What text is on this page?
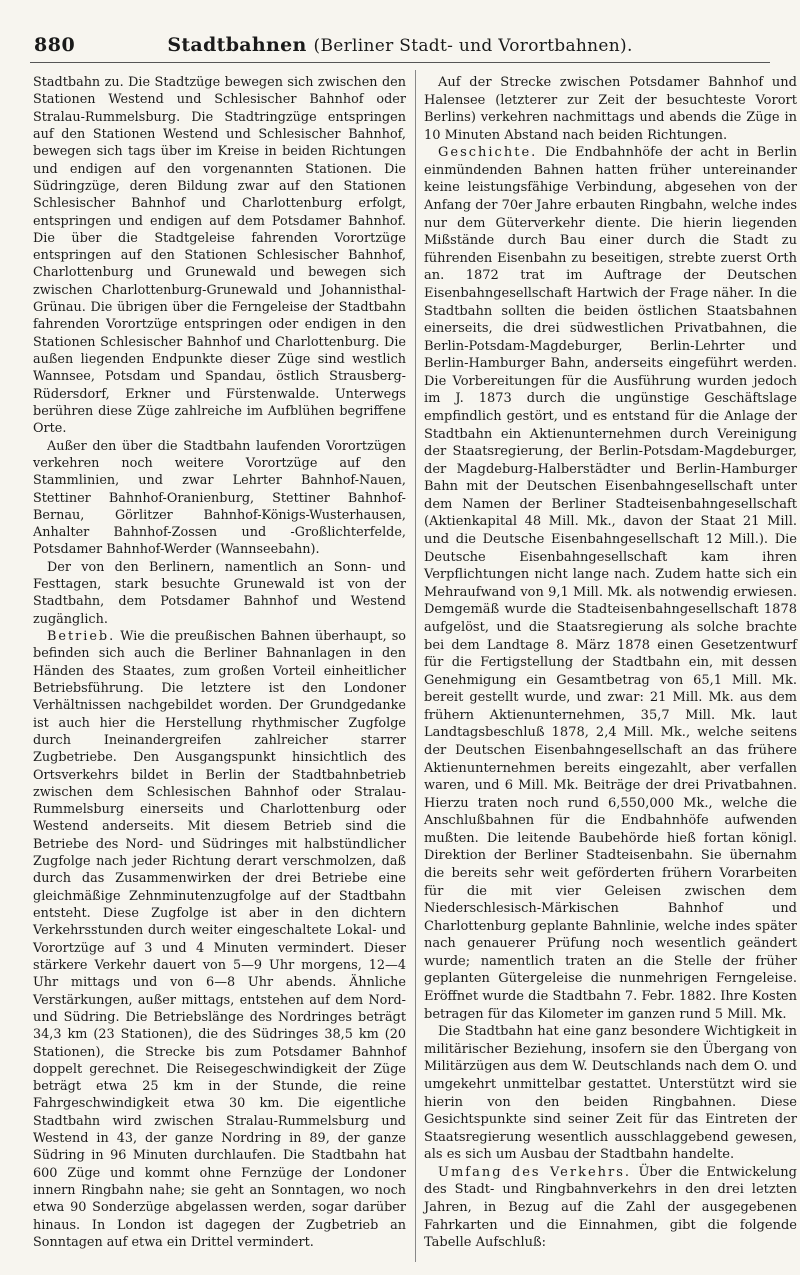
880	Stadtbahnen (Berliner Stadt- und Vorortbahnen).

Stadtbahn zu. Die Stadtzüge bewegen sich zwischen den Stationen Westend und Schlesischer Bahnhof oder Stralau-Rummelsburg. Die Stadtringzüge entspringen auf den Stationen Westend und Schlesischer Bahnhof, bewegen sich tags über im Kreise in beiden Richtungen und endigen auf den vorgenannten Stationen. Die Südringzüge, deren Bildung zwar auf den Stationen Schlesischer Bahnhof und Charlottenburg erfolgt, entspringen und endigen auf dem Potsdamer Bahnhof. Die über die Stadtgeleise fahrenden Vorortzüge entspringen auf den Stationen Schlesischer Bahnhof, Charlottenburg und Grunewald und bewegen sich zwischen Charlottenburg-Grunewald und Johannisthal-Grünau. Die übrigen über die Ferngeleise der Stadtbahn fahrenden Vorortzüge entspringen oder endigen in den Stationen Schlesischer Bahnhof und Charlottenburg. Die außen liegenden Endpunkte dieser Züge sind westlich Wannsee, Potsdam und Spandau, östlich Strausberg-Rüdersdorf, Erkner und Fürstenwalde. Unterwegs berühren diese Züge zahlreiche im Aufblühen begriffene Orte.

Außer den über die Stadtbahn laufenden Vorortzügen verkehren noch weitere Vorortzüge auf den Stammlinien, und zwar Lehrter Bahnhof-Nauen, Stettiner Bahnhof-Oranienburg, Stettiner Bahnhof-Bernau, Görlitzer Bahnhof-Königs-Wusterhausen, Anhalter Bahnhof-Zossen und -Großlichterfelde, Potsdamer Bahnhof-Werder (Wannseebahn).

Der von den Berlinern, namentlich an Sonn- und Festtagen, stark besuchte Grunewald ist von der Stadtbahn, dem Potsdamer Bahnhof und Westend zugänglich.

Betrieb. Wie die preußischen Bahnen überhaupt, so befinden sich auch die Berliner Bahnanlagen in den Händen des Staates, zum großen Vorteil einheitlicher Betriebsführung. Die letztere ist den Londoner Verhältnissen nachgebildet worden. Der Grundgedanke ist auch hier die Herstellung rhythmischer Zugfolge durch Ineinandergreifen zahlreicher starrer Zugbetriebe. Den Ausgangspunkt hinsichtlich des Ortsverkehrs bildet in Berlin der Stadtbahnbetrieb zwischen dem Schlesischen Bahnhof oder Stralau-Rummelsburg einerseits und Charlottenburg oder Westend anderseits. Mit diesem Betrieb sind die Betriebe des Nord- und Südringes mit halbstündlicher Zugfolge nach jeder Richtung derart verschmolzen, daß durch das Zusammenwirken der drei Betriebe eine gleichmäßige Zehnminutenzugfolge auf der Stadtbahn entsteht. Diese Zugfolge ist aber in den dichtern Verkehrsstunden durch weiter eingeschaltete Lokal- und Vorortzüge auf 3 und 4 Minuten vermindert. Dieser stärkere Verkehr dauert von 5—9 Uhr morgens, 12—4 Uhr mittags und von 6—8 Uhr abends. Ähnliche Verstärkungen, außer mittags, entstehen auf dem Nord- und Südring. Die Betriebslänge des Nordringes beträgt 34,3 km (23 Stationen), die des Südringes 38,5 km (20 Stationen), die Strecke bis zum Potsdamer Bahnhof doppelt gerechnet. Die Reisegeschwindigkeit der Züge beträgt etwa 25 km in der Stunde, die reine Fahrgeschwindigkeit etwa 30 km. Die eigentliche Stadtbahn wird zwischen Stralau-Rummelsburg und Westend in 43, der ganze Nordring in 89, der ganze Südring in 96 Minuten durchlaufen. Die Stadtbahn hat 600 Züge und kommt ohne Fernzüge der Londoner innern Ringbahn nahe; sie geht an Sonntagen, wo noch etwa 90 Sonderzüge abgelassen werden, sogar darüber hinaus. In London ist dagegen der Zugbetrieb an Sonntagen auf etwa ein Drittel vermindert.

Auf der Strecke zwischen Potsdamer Bahnhof und Halensee (letzterer zur Zeit der besuchteste Vorort Berlins) verkehren nachmittags und abends die Züge in 10 Minuten Abstand nach beiden Richtungen.

Geschichte. Die Endbahnhöfe der acht in Berlin einmündenden Bahnen hatten früher untereinander keine leistungsfähige Verbindung, abgesehen von der Anfang der 70er Jahre erbauten Ringbahn, welche indes nur dem Güterverkehr diente. Die hierin liegenden Mißstände durch Bau einer durch die Stadt zu führenden Eisenbahn zu beseitigen, strebte zuerst Orth an. 1872 trat im Auftrage der Deutschen Eisenbahngesellschaft Hartwich der Frage näher. In die Stadtbahn sollten die beiden östlichen Staatsbahnen einerseits, die drei südwestlichen Privatbahnen, die Berlin-Potsdam-Magdeburger, Berlin-Lehrter und Berlin-Hamburger Bahn, anderseits eingeführt werden. Die Vorbereitungen für die Ausführung wurden jedoch im J. 1873 durch die ungünstige Geschäftslage empfindlich gestört, und es entstand für die Anlage der Stadtbahn ein Aktienunternehmen durch Vereinigung der Staatsregierung, der Berlin-Potsdam-Magdeburger, der Magdeburg-Halberstädter und Berlin-Hamburger Bahn mit der Deutschen Eisenbahngesellschaft unter dem Namen der Berliner Stadteisenbahngesellschaft (Aktienkapital 48 Mill. Mk., davon der Staat 21 Mill. und die Deutsche Eisenbahngesellschaft 12 Mill.). Die Deutsche Eisenbahngesellschaft kam ihren Verpflichtungen nicht lange nach. Zudem hatte sich ein Mehraufwand von 9,1 Mill. Mk. als notwendig erwiesen. Demgemäß wurde die Stadteisenbahngesellschaft 1878 aufgelöst, und die Staatsregierung als solche brachte bei dem Landtage 8. März 1878 einen Gesetzentwurf für die Fertigstellung der Stadtbahn ein, mit dessen Genehmigung ein Gesamtbetrag von 65,1 Mill. Mk. bereit gestellt wurde, und zwar: 21 Mill. Mk. aus dem frühern Aktienunternehmen, 35,7 Mill. Mk. laut Landtagsbeschluß 1878, 2,4 Mill. Mk., welche seitens der Deutschen Eisenbahngesellschaft an das frühere Aktienunternehmen bereits eingezahlt, aber verfallen waren, und 6 Mill. Mk. Beiträge der drei Privatbahnen. Hierzu traten noch rund 6,550,000 Mk., welche die Anschlußbahnen für die Endbahnhöfe aufwenden mußten. Die leitende Baubehörde hieß fortan königl. Direktion der Berliner Stadteisenbahn. Sie übernahm die bereits sehr weit geförderten frühern Vorarbeiten für die mit vier Geleisen zwischen dem Niederschlesisch-Märkischen Bahnhof und Charlottenburg geplante Bahnlinie, welche indes später nach genauerer Prüfung noch wesentlich geändert wurde; namentlich traten an die Stelle der früher geplanten Gütergeleise die nunmehrigen Ferngeleise. Eröffnet wurde die Stadtbahn 7. Febr. 1882. Ihre Kosten betragen für das Kilometer im ganzen rund 5 Mill. Mk.

Die Stadtbahn hat eine ganz besondere Wichtigkeit in militärischer Beziehung, insofern sie den Übergang von Militärzügen aus dem W. Deutschlands nach dem O. und umgekehrt unmittelbar gestattet. Unterstützt wird sie hierin von den beiden Ringbahnen. Diese Gesichtspunkte sind seiner Zeit für das Eintreten der Staatsregierung wesentlich ausschlaggebend gewesen, als es sich um Ausbau der Stadtbahn handelte.

Umfang des Verkehrs. Über die Entwickelung des Stadt- und Ringbahnverkehrs in den drei letzten Jahren, in Bezug auf die Zahl der ausgegebenen Fahrkarten und die Einnahmen, gibt die folgende Tabelle Aufschluß:
